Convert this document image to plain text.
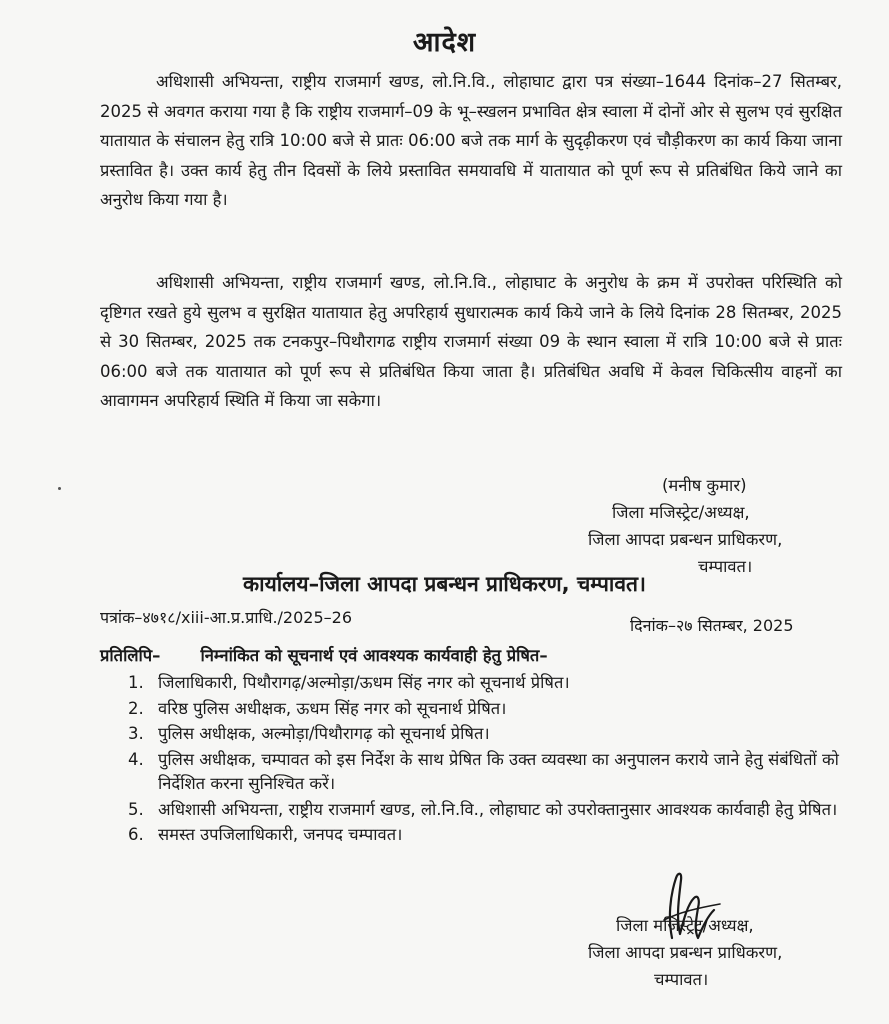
आदेश

अधिशासी अभियन्ता, राष्ट्रीय राजमार्ग खण्ड, लो.नि.वि., लोहाघाट द्वारा पत्र संख्या–1644 दिनांक–27 सितम्बर, 2025 से अवगत कराया गया है कि राष्ट्रीय राजमार्ग–09 के भू–स्खलन प्रभावित क्षेत्र स्वाला में दोनों ओर से सुलभ एवं सुरक्षित यातायात के संचालन हेतु रात्रि 10:00 बजे से प्रातः 06:00 बजे तक मार्ग के सुदृढ़ीकरण एवं चौड़ीकरण का कार्य किया जाना प्रस्तावित है। उक्त कार्य हेतु तीन दिवसों के लिये प्रस्तावित समयावधि में यातायात को पूर्ण रूप से प्रतिबंधित किये जाने का अनुरोध किया गया है।

अधिशासी अभियन्ता, राष्ट्रीय राजमार्ग खण्ड, लो.नि.वि., लोहाघाट के अनुरोध के क्रम में उपरोक्त परिस्थिति को दृष्टिगत रखते हुये सुलभ व सुरक्षित यातायात हेतु अपरिहार्य सुधारात्मक कार्य किये जाने के लिये दिनांक 28 सितम्बर, 2025 से 30 सितम्बर, 2025 तक टनकपुर–पिथौरागढ राष्ट्रीय राजमार्ग संख्या 09 के स्थान स्वाला में रात्रि 10:00 बजे से प्रातः 06:00 बजे तक यातायात को पूर्ण रूप से प्रतिबंधित किया जाता है। प्रतिबंधित अवधि में केवल चिकित्सीय वाहनों का आवागमन अपरिहार्य स्थिति में किया जा सकेगा।

(मनीष कुमार)
जिला मजिस्ट्रेट/अध्यक्ष,
जिला आपदा प्रबन्धन प्राधिकरण,
चम्पावत।
कार्यालय–जिला आपदा प्रबन्धन प्राधिकरण, चम्पावत।
पत्रांक–४७१८/xiii-आ.प्र.प्राधि./2025–26	दिनांक–२७ सितम्बर, 2025
प्रतिलिपि– निम्नांकित को सूचनार्थ एवं आवश्यक कार्यवाही हेतु प्रेषित–
1. जिलाधिकारी, पिथौरागढ़/अल्मोड़ा/ऊधम सिंह नगर को सूचनार्थ प्रेषित।
2. वरिष्ठ पुलिस अधीक्षक, ऊधम सिंह नगर को सूचनार्थ प्रेषित।
3. पुलिस अधीक्षक, अल्मोड़ा/पिथौरागढ़ को सूचनार्थ प्रेषित।
4. पुलिस अधीक्षक, चम्पावत को इस निर्देश के साथ प्रेषित कि उक्त व्यवस्था का अनुपालन कराये जाने हेतु संबंधितों को निर्देशित करना सुनिश्चित करें।
5. अधिशासी अभियन्ता, राष्ट्रीय राजमार्ग खण्ड, लो.नि.वि., लोहाघाट को उपरोक्तानुसार आवश्यक कार्यवाही हेतु प्रेषित।
6. समस्त उपजिलाधिकारी, जनपद चम्पावत।
जिला मजिस्ट्रेट/अध्यक्ष,
जिला आपदा प्रबन्धन प्राधिकरण,
चम्पावत।
